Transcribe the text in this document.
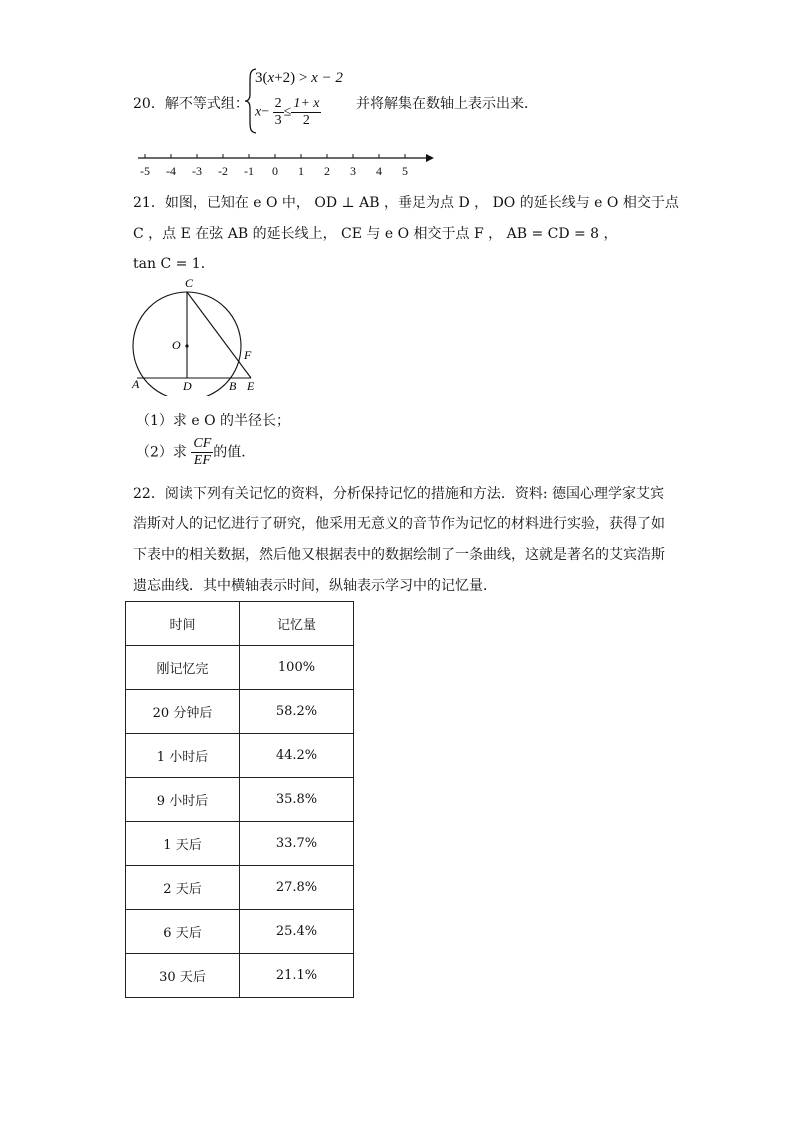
20．解不等式组：
3(x+2) > x − 2
$x- \frac{2}{3} \le \frac{1+ x}{2}$ 并将解集在数轴上表示出来．
-5 -4 -3 -2 -1 0 1 2 3 4 5
21．如图，已知在 e O 中， OD ⊥ AB ，垂足为点 D ， DO 的延长线与 e O 相交于点
C ，点 E 在弦 AB 的延长线上， CE 与 e O 相交于点 F ， AB = CD = 8 ，
tan C = 1．
C
O
F
A	D	B E
（1）求 e O 的半径长；
（2）求 $\frac{CF}{EF}$ 的值．
22．阅读下列有关记忆的资料，分析保持记忆的措施和方法．资料: 德国心理学家艾宾
浩斯对人的记忆进行了研究，他采用无意义的音节作为记忆的材料进行实验，获得了如
下表中的相关数据，然后他又根据表中的数据绘制了一条曲线，这就是著名的艾宾浩斯
遗忘曲线．其中横轴表示时间，纵轴表示学习中的记忆量．
时间	记忆量
刚记忆完	100%
20 分钟后	58.2%
1 小时后	44.2%
9 小时后	35.8%
1 天后	33.7%
2 天后	27.8%
6 天后	25.4%
30 天后	21.1%
